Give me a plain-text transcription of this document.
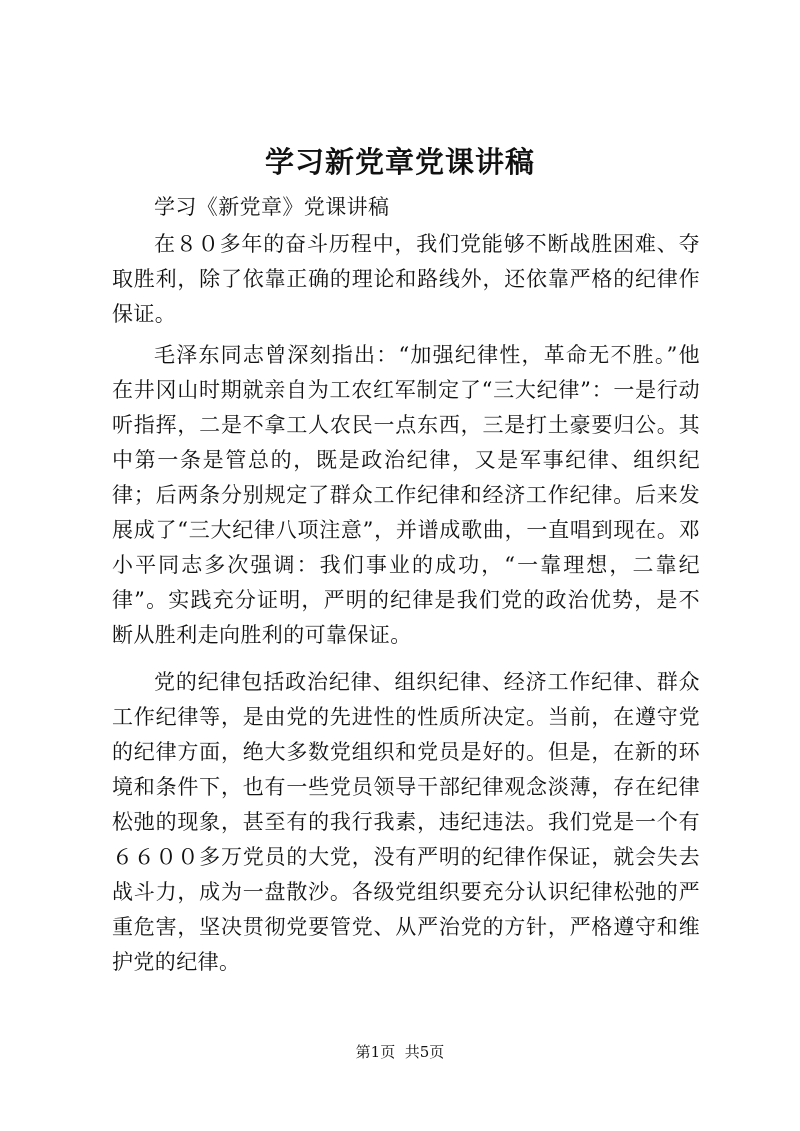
学习新党章党课讲稿

学习《新党章》党课讲稿

在８０多年的奋斗历程中，我们党能够不断战胜困难、夺取胜利，除了依靠正确的理论和路线外，还依靠严格的纪律作保证。

毛泽东同志曾深刻指出：“加强纪律性，革命无不胜。”他在井冈山时期就亲自为工农红军制定了“三大纪律”：一是行动听指挥，二是不拿工人农民一点东西，三是打土豪要归公。其中第一条是管总的，既是政治纪律，又是军事纪律、组织纪律；后两条分别规定了群众工作纪律和经济工作纪律。后来发展成了“三大纪律八项注意”，并谱成歌曲，一直唱到现在。邓小平同志多次强调：我们事业的成功，“一靠理想，二靠纪律”。实践充分证明，严明的纪律是我们党的政治优势，是不断从胜利走向胜利的可靠保证。

党的纪律包括政治纪律、组织纪律、经济工作纪律、群众工作纪律等，是由党的先进性的性质所决定。当前，在遵守党的纪律方面，绝大多数党组织和党员是好的。但是，在新的环境和条件下，也有一些党员领导干部纪律观念淡薄，存在纪律松弛的现象，甚至有的我行我素，违纪违法。我们党是一个有６６００多万党员的大党，没有严明的纪律作保证，就会失去战斗力，成为一盘散沙。各级党组织要充分认识纪律松弛的严重危害，坚决贯彻党要管党、从严治党的方针，严格遵守和维护党的纪律。

第1页 共5页
